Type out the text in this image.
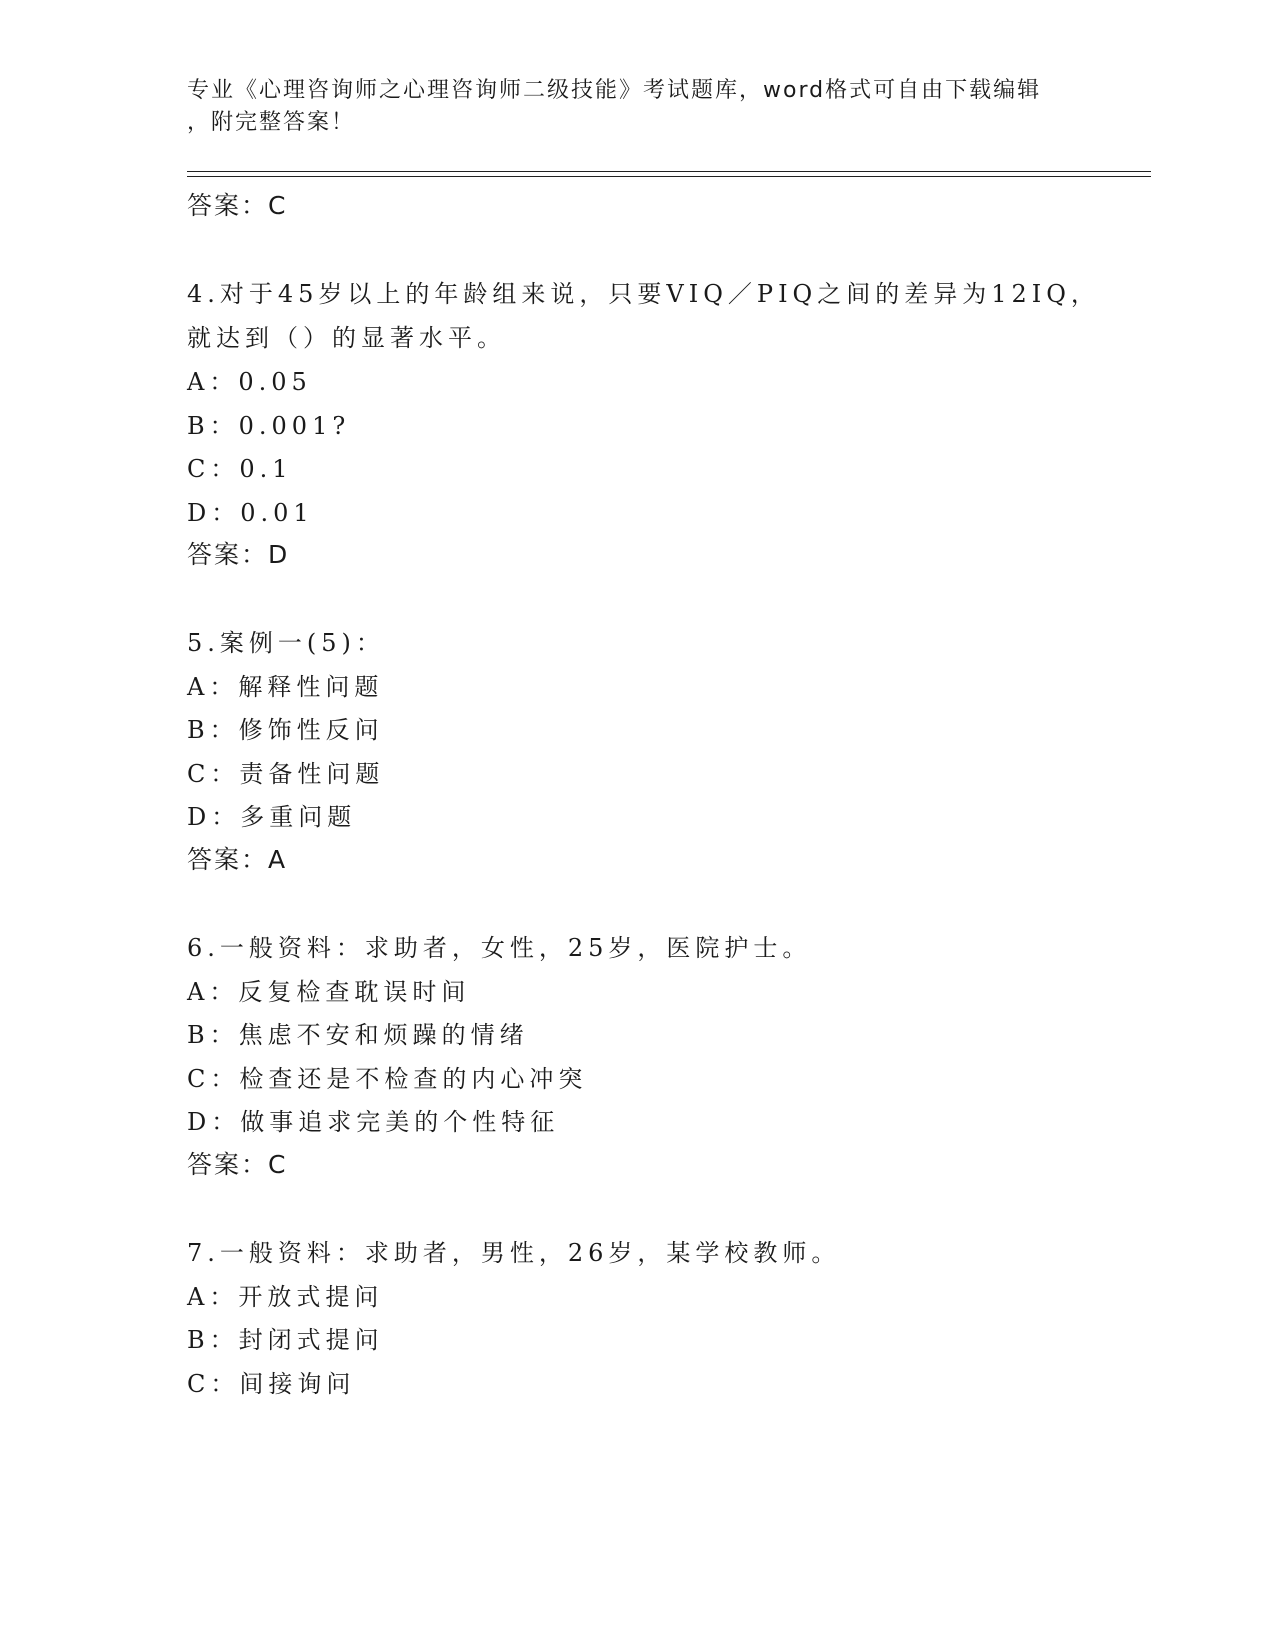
专业《心理咨询师之心理咨询师二级技能》考试题库，word格式可自由下载编辑
，附完整答案！
答案：C
4.对于45岁以上的年龄组来说，只要VIQ／PIQ之间的差异为12IQ，
就达到（）的显著水平。
A：0.05
B：0.001?
C：0.1
D：0.01
答案：D
5.案例一(5)：
A：解释性问题
B：修饰性反问
C：责备性问题
D：多重问题
答案：A
6.一般资料：求助者，女性，25岁，医院护士。
A：反复检查耽误时间
B：焦虑不安和烦躁的情绪
C：检查还是不检查的内心冲突
D：做事追求完美的个性特征
答案：C
7.一般资料：求助者，男性，26岁，某学校教师。
A：开放式提问
B：封闭式提问
C：间接询问
